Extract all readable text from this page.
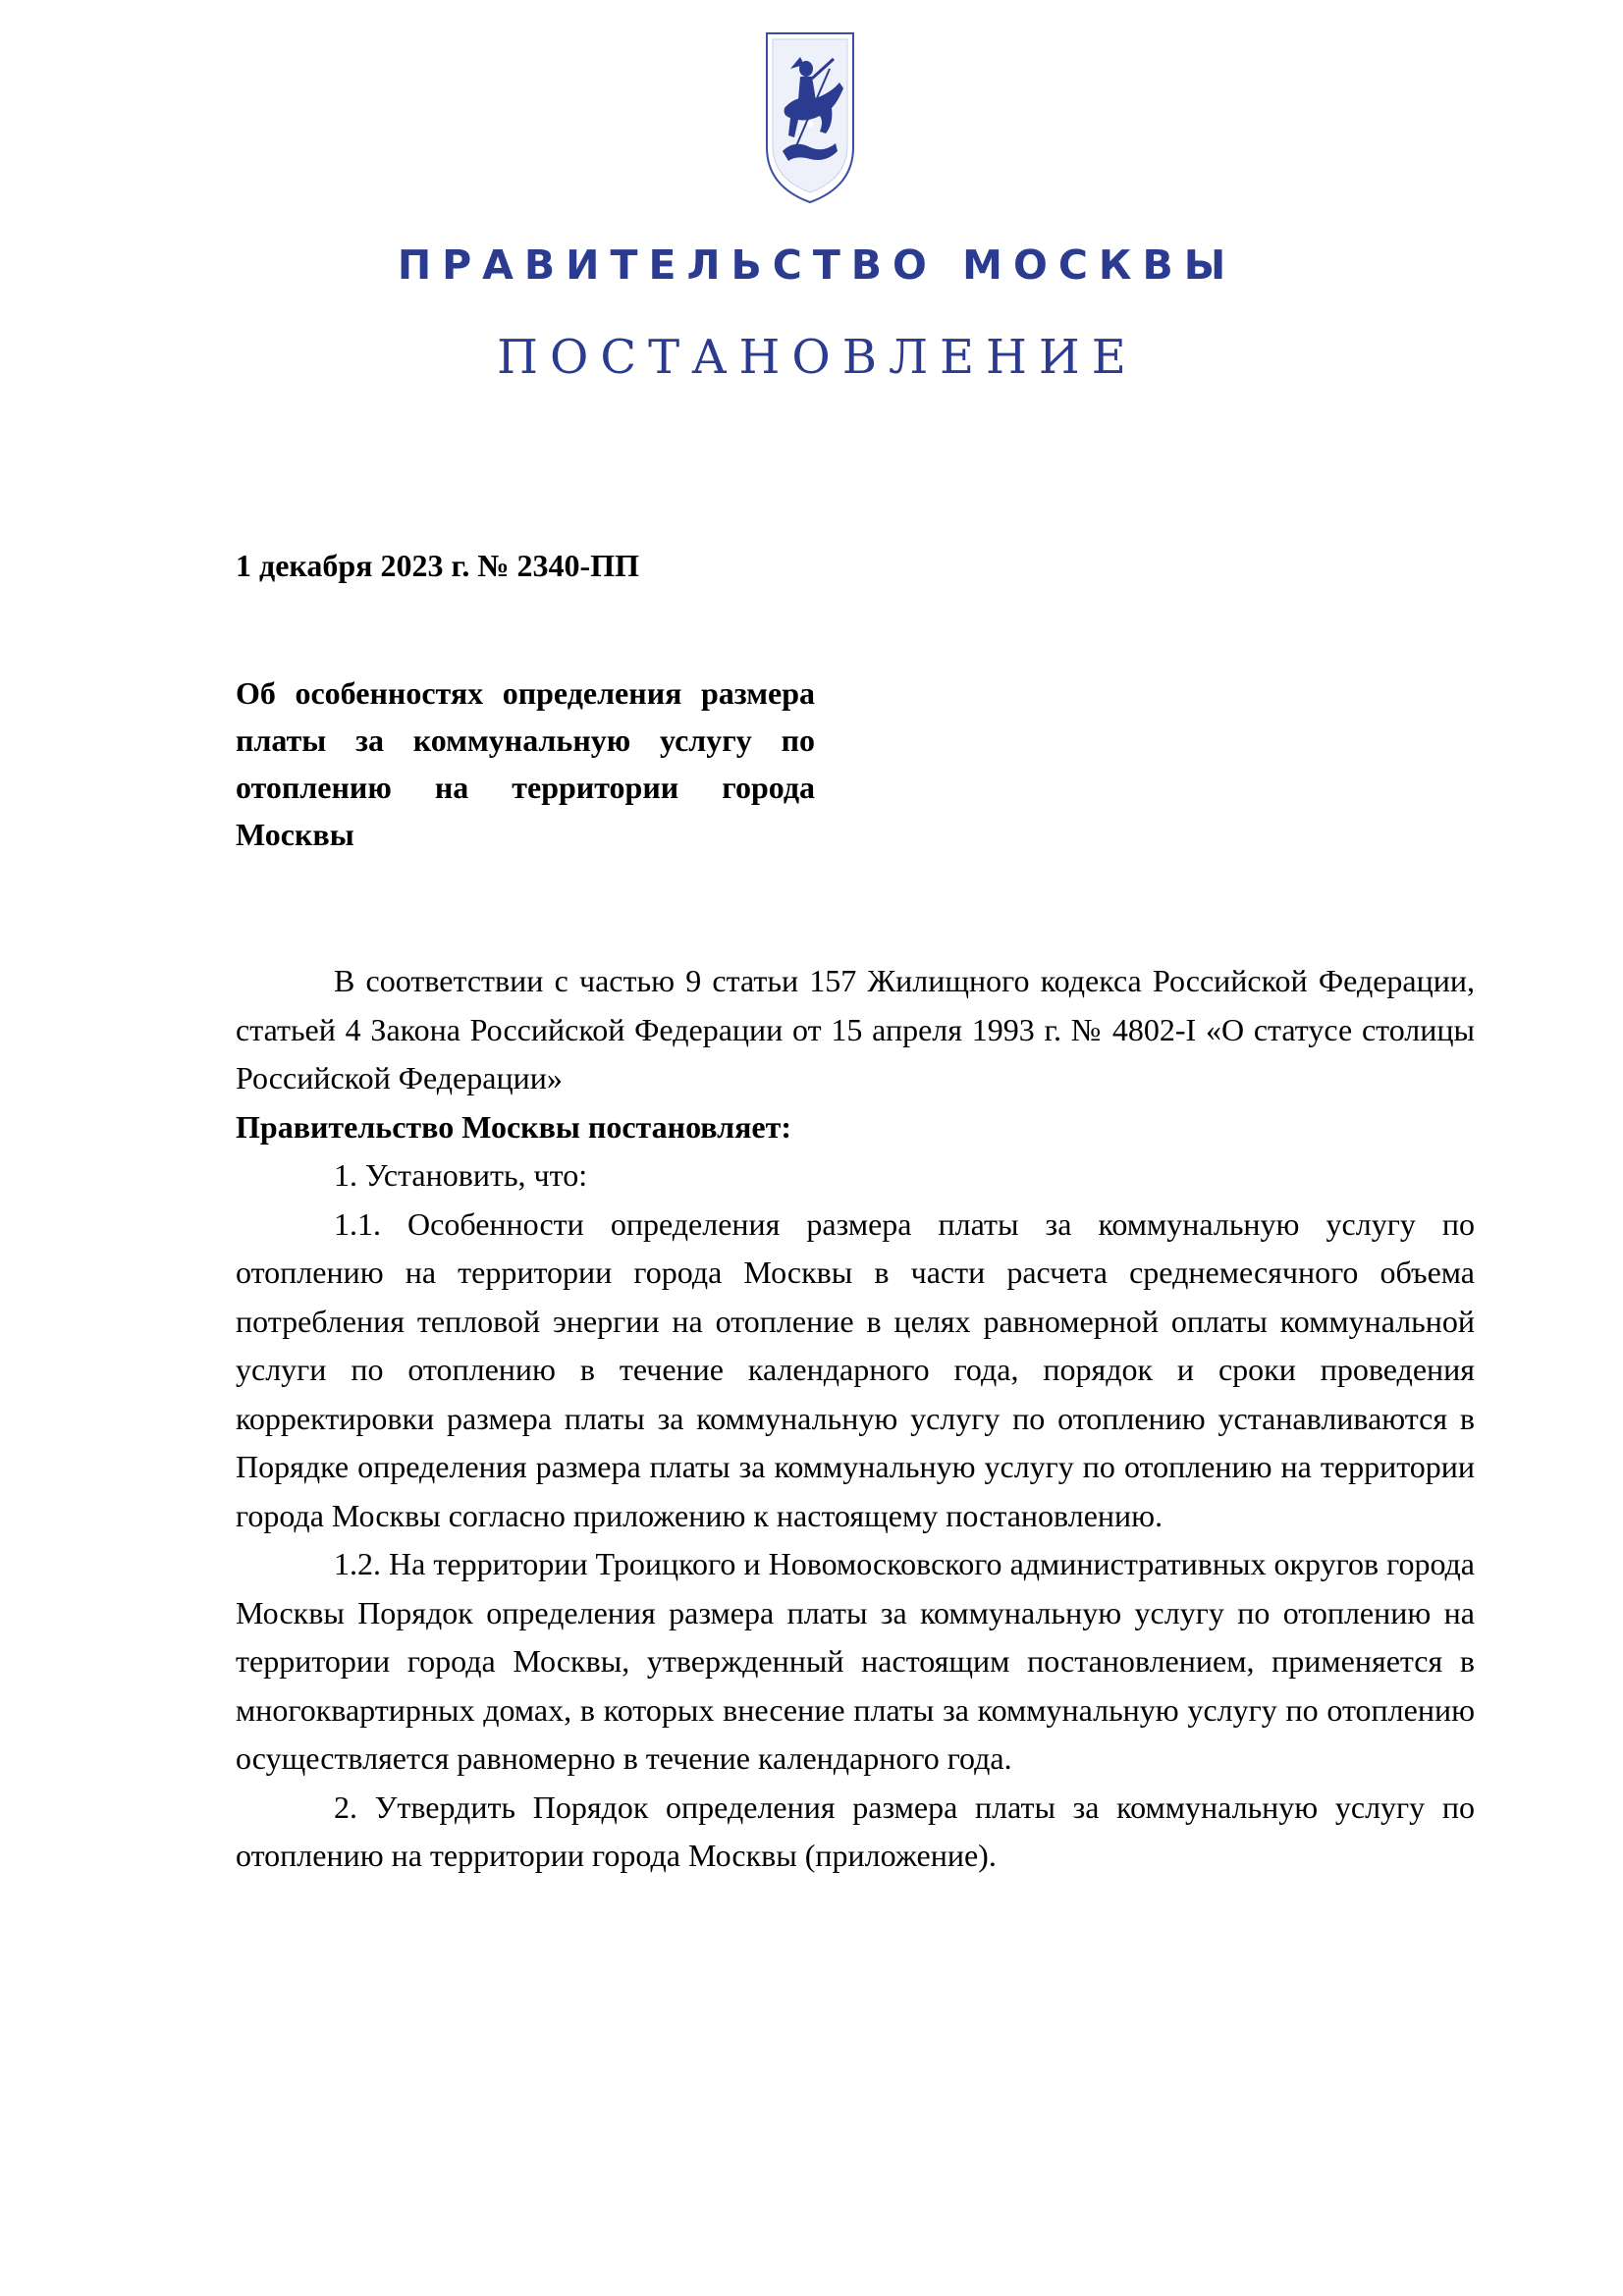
ПРАВИТЕЛЬСТВО МОСКВЫ
ПОСТАНОВЛЕНИЕ
1 декабря 2023 г. № 2340-ПП
Об особенностях определения размера платы за коммунальную услугу по отоплению на территории города Москвы

В соответствии с частью 9 статьи 157 Жилищного кодекса Российской Федерации, статьей 4 Закона Российской Федерации от 15 апреля 1993 г. № 4802-I «О статусе столицы Российской Федерации»

Правительство Москвы постановляет:

1. Установить, что:

1.1. Особенности определения размера платы за коммунальную услугу по отоплению на территории города Москвы в части расчета среднемесячного объема потребления тепловой энергии на отопление в целях равномерной оплаты коммунальной услуги по отоплению в течение календарного года, порядок и сроки проведения корректировки размера платы за коммунальную услугу по отоплению устанавливаются в Порядке определения размера платы за коммунальную услугу по отоплению на территории города Москвы согласно приложению к настоящему постановлению.

1.2. На территории Троицкого и Новомосковского административных округов города Москвы Порядок определения размера платы за коммунальную услугу по отоплению на территории города Москвы, утвержденный настоящим постановлением, применяется в многоквартирных домах, в которых внесение платы за коммунальную услугу по отоплению осуществляется равномерно в течение календарного года.

2. Утвердить Порядок определения размера платы за коммунальную услугу по отоплению на территории города Москвы (приложение).
